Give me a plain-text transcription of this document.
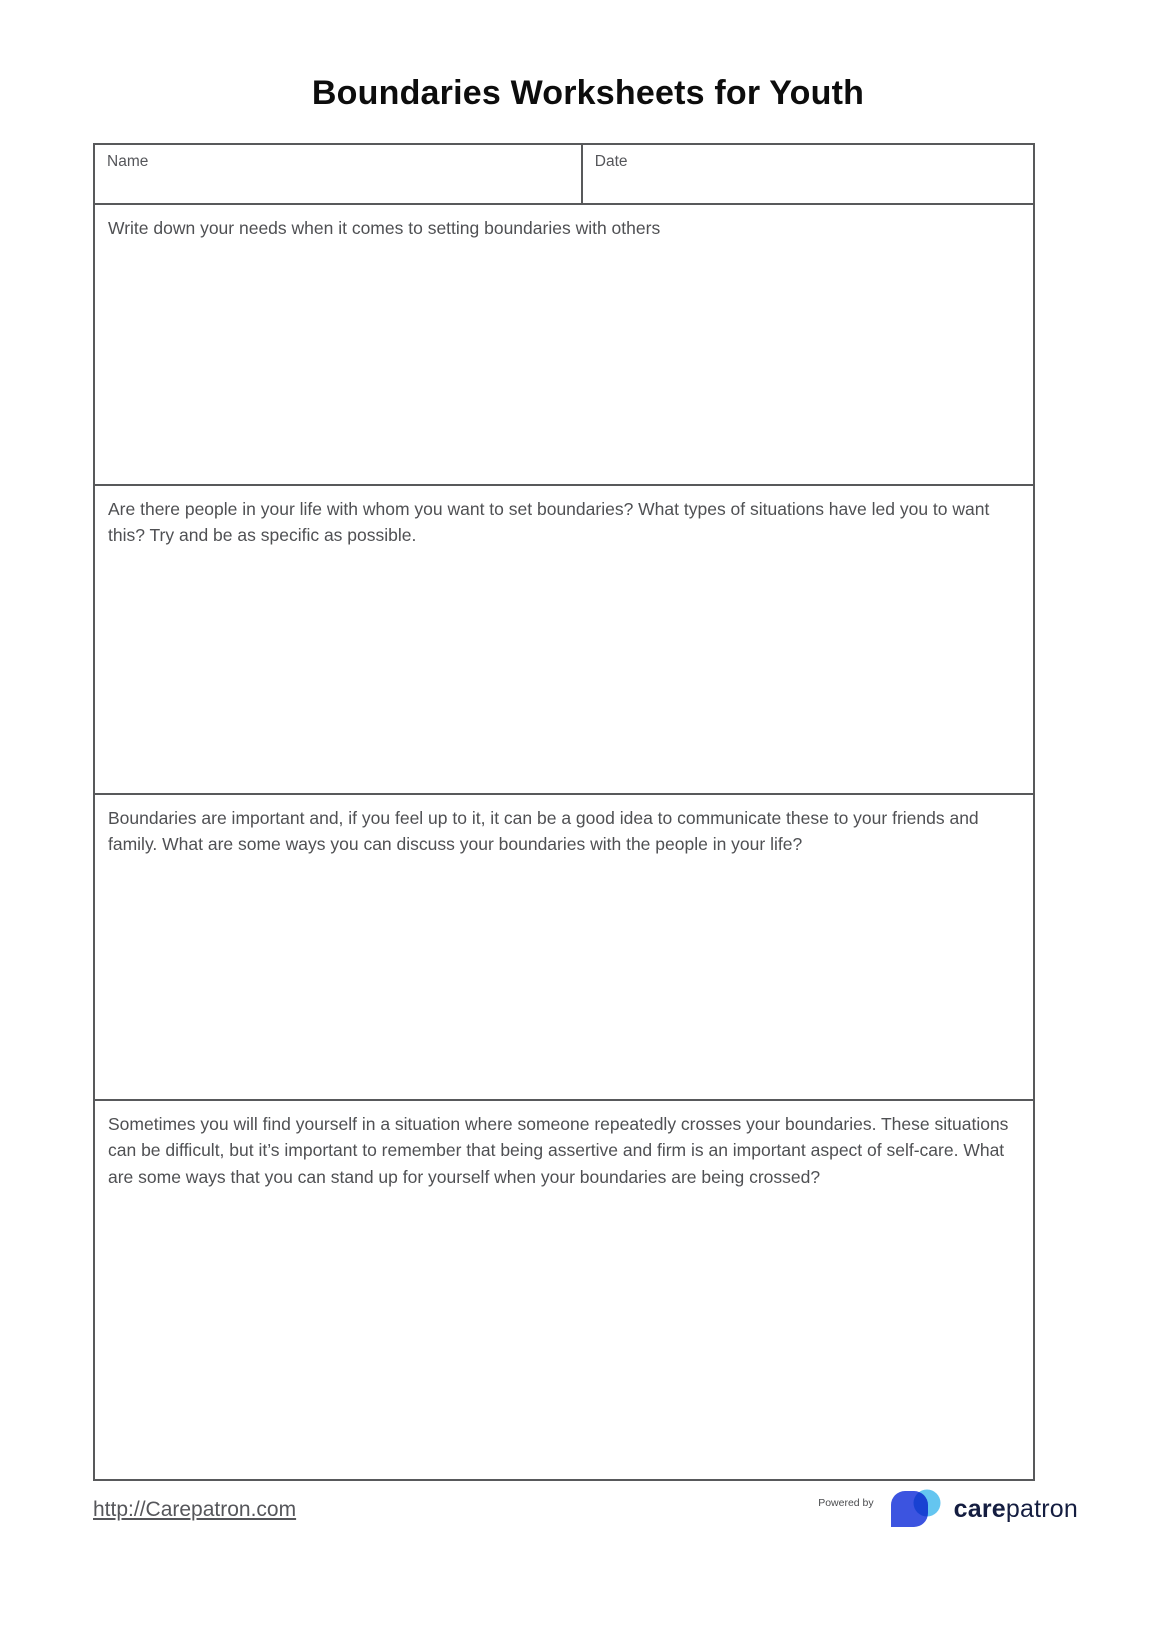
Boundaries Worksheets for Youth
Name	Date
Write down your needs when it comes to setting boundaries with others
Are there people in your life with whom you want to set boundaries? What types of situations have led you to want this? Try and be as specific as possible.
Boundaries are important and, if you feel up to it, it can be a good idea to communicate these to your friends and family. What are some ways you can discuss your boundaries with the people in your life?
Sometimes you will find yourself in a situation where someone repeatedly crosses your boundaries. These situations can be difficult, but it’s important to remember that being assertive and firm is an important aspect of self-care. What are some ways that you can stand up for yourself when your boundaries are being crossed?
http://Carepatron.com	Powered by	carepatron
